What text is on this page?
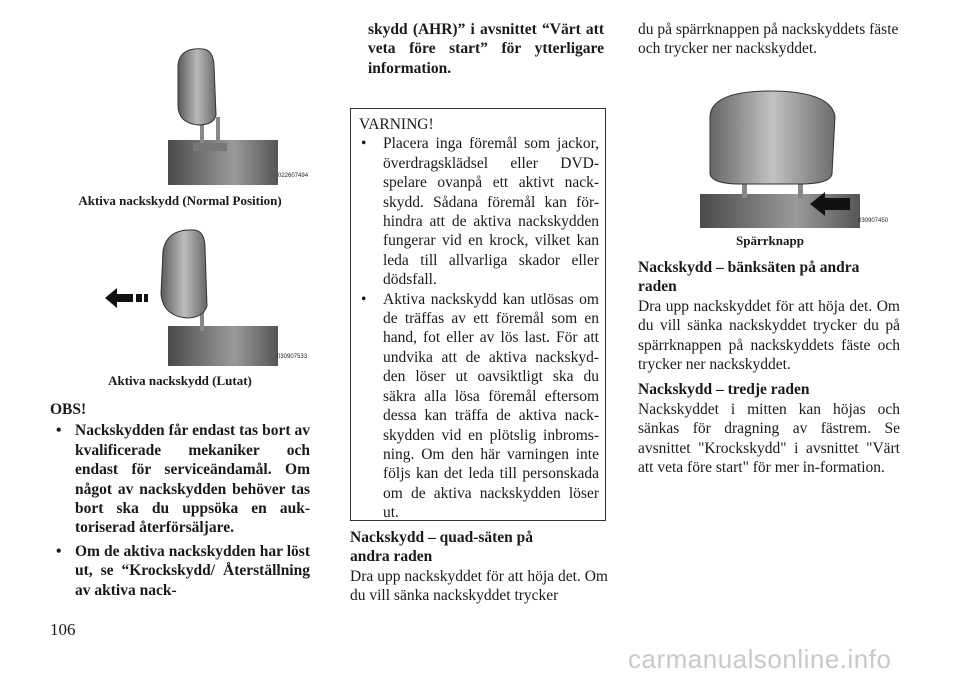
022607494
Aktiva nackskydd (Normal Position)
030907533
Aktiva nackskydd (Lutat)
OBS!
• Nackskydden får endast tas bort av kvalificerade mekaniker och endast för serviceändamål. Om något av nackskydden behöver tas bort ska du uppsöka en auk-toriserad återförsäljare.
• Om de aktiva nackskydden har löst ut, se “Krockskydd/ Återställning av aktiva nack-
skydd (AHR)” i avsnittet “Värt att veta före start” för ytterligare information.
VARNING!
• Placera inga föremål som jackor, överdragsklädsel eller DVD-spelare ovanpå ett aktivt nack-skydd. Sådana föremål kan för-hindra att de aktiva nackskydden fungerar vid en krock, vilket kan leda till allvarliga skador eller dödsfall.
• Aktiva nackskydd kan utlösas om de träffas av ett föremål som en hand, fot eller av lös last. För att undvika att de aktiva nackskyd-den löser ut oavsiktligt ska du säkra alla lösa föremål eftersom dessa kan träffa de aktiva nack-skydden vid en plötslig inbroms-ning. Om den här varningen inte följs kan det leda till personskada om de aktiva nackskydden löser ut.
Nackskydd – quad-säten på andra raden
Dra upp nackskyddet för att höja det. Om du vill sänka nackskyddet trycker
du på spärrknappen på nackskyddets fäste och trycker ner nackskyddet.
030907450
Spärrknapp
Nackskydd – bänksäten på andra raden
Dra upp nackskyddet för att höja det. Om du vill sänka nackskyddet trycker du på spärrknappen på nackskyddets fäste och trycker ner nackskyddet.
Nackskydd – tredje raden
Nackskyddet i mitten kan höjas och sänkas för dragning av fästrem. Se avsnittet "Krockskydd" i avsnittet "Värt att veta före start" för mer in-formation.
106
carmanualsonline.info
